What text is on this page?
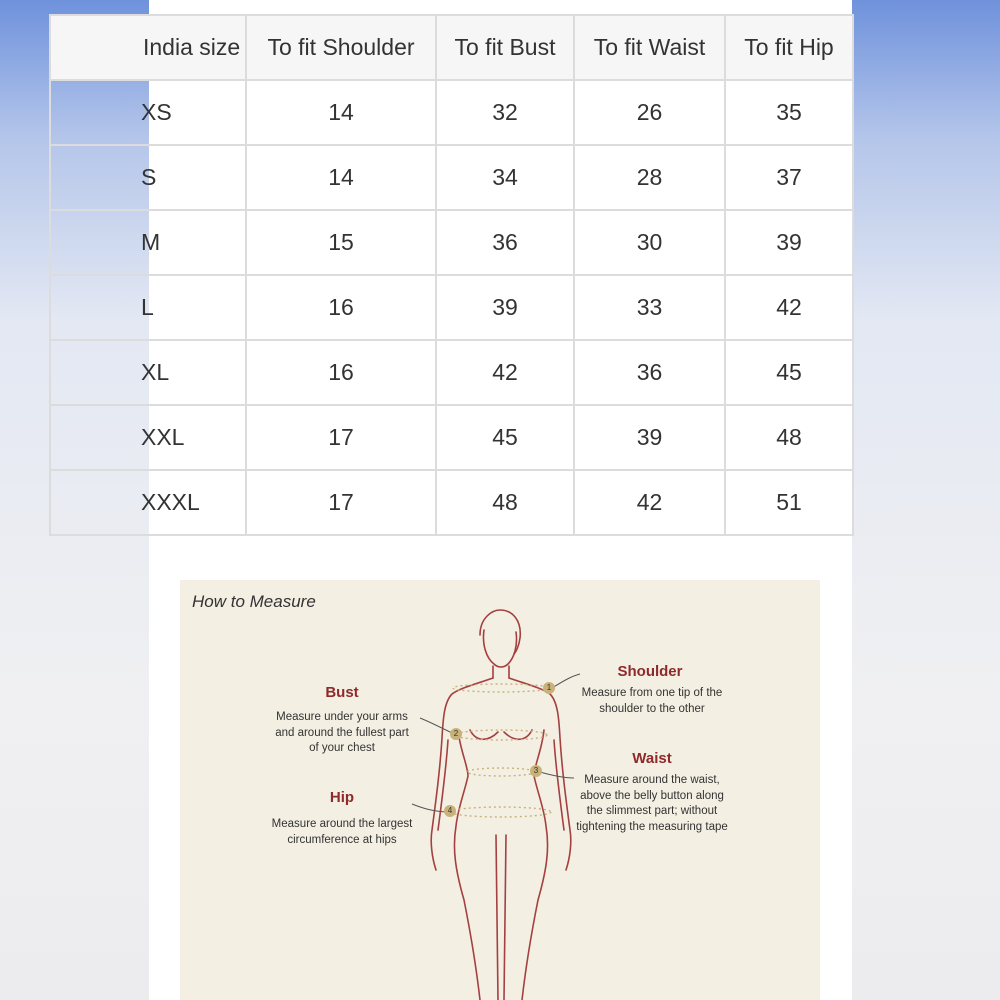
India size	To fit Shoulder	To fit Bust	To fit Waist	To fit Hip
XS	14	32	26	35
S	14	34	28	37
M	15	36	30	39
L	16	39	33	42
XL	16	42	36	45
XXL	17	45	39	48
XXXL	17	48	42	51
How to Measure
1
2
3
4
Bust
Measure under your arms
and around the fullest part
of your chest
Hip
Measure around the largest
circumference at hips
Shoulder
Measure from one tip of the
shoulder to the other
Waist
Measure around the waist,
above the belly button along
the slimmest part; without
tightening the measuring tape
